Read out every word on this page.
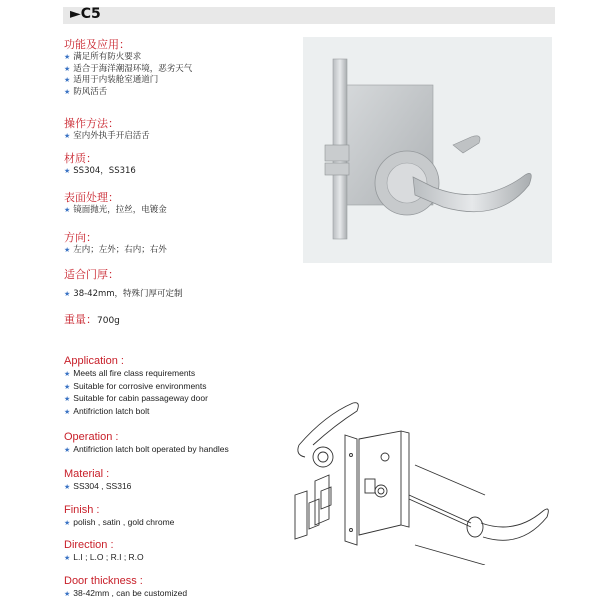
►C5
功能及应用：
★ 满足所有防火要求
★ 适合于海洋潮湿环境，恶劣天气
★ 适用于内装舱室通道门
★ 防风活舌
操作方法：
★ 室内外执手开启活舌
材质：
★ SS304，SS316
表面处理：
★ 镜面抛光，拉丝，电镀金
方向：
★ 左内；左外；右内；右外
适合门厚：
★ 38-42mm，特殊门厚可定制
重量：700g
Application :
★ Meets all fire class requirements
★ Suitable for corrosive environments
★ Suitable for cabin passageway door
★ Antifriction latch bolt
Operation :
★ Antifriction latch bolt operated by handles
Material :
★ SS304 , SS316
Finish :
★ polish , satin , gold chrome
Direction :
★ L.I ; L.O ; R.I ; R.O
Door thickness :
★ 38-42mm , can be customized
